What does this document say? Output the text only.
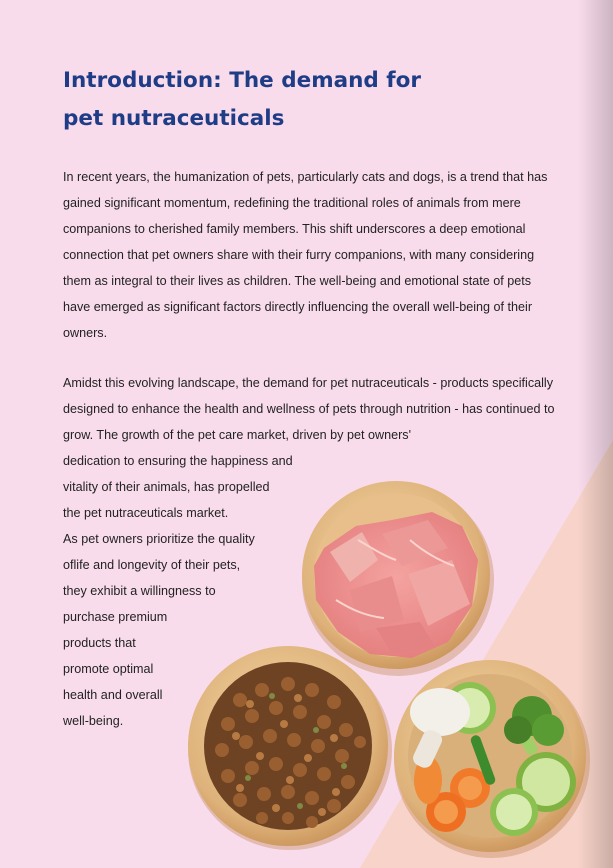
Introduction: The demand for
pet nutraceuticals
In recent years, the humanization of pets, particularly cats and dogs, is a trend that has
gained significant momentum, redefining the traditional roles of animals from mere
companions to cherished family members. This shift underscores a deep emotional
connection that pet owners share with their furry companions, with many considering
them as integral to their lives as children. The well-being and emotional state of pets
have emerged as significant factors directly influencing the overall well-being of their
owners.
Amidst this evolving landscape, the demand for pet nutraceuticals - products specifically
designed to enhance the health and wellness of pets through nutrition - has continued to
grow. The growth of the pet care market, driven by pet owners'
dedication to ensuring the happiness and
vitality of their animals, has propelled
the pet nutraceuticals market.
As pet owners prioritize the quality
oflife and longevity of their pets,
they exhibit a willingness to
purchase premium
products that
promote optimal
health and overall
well-being.
